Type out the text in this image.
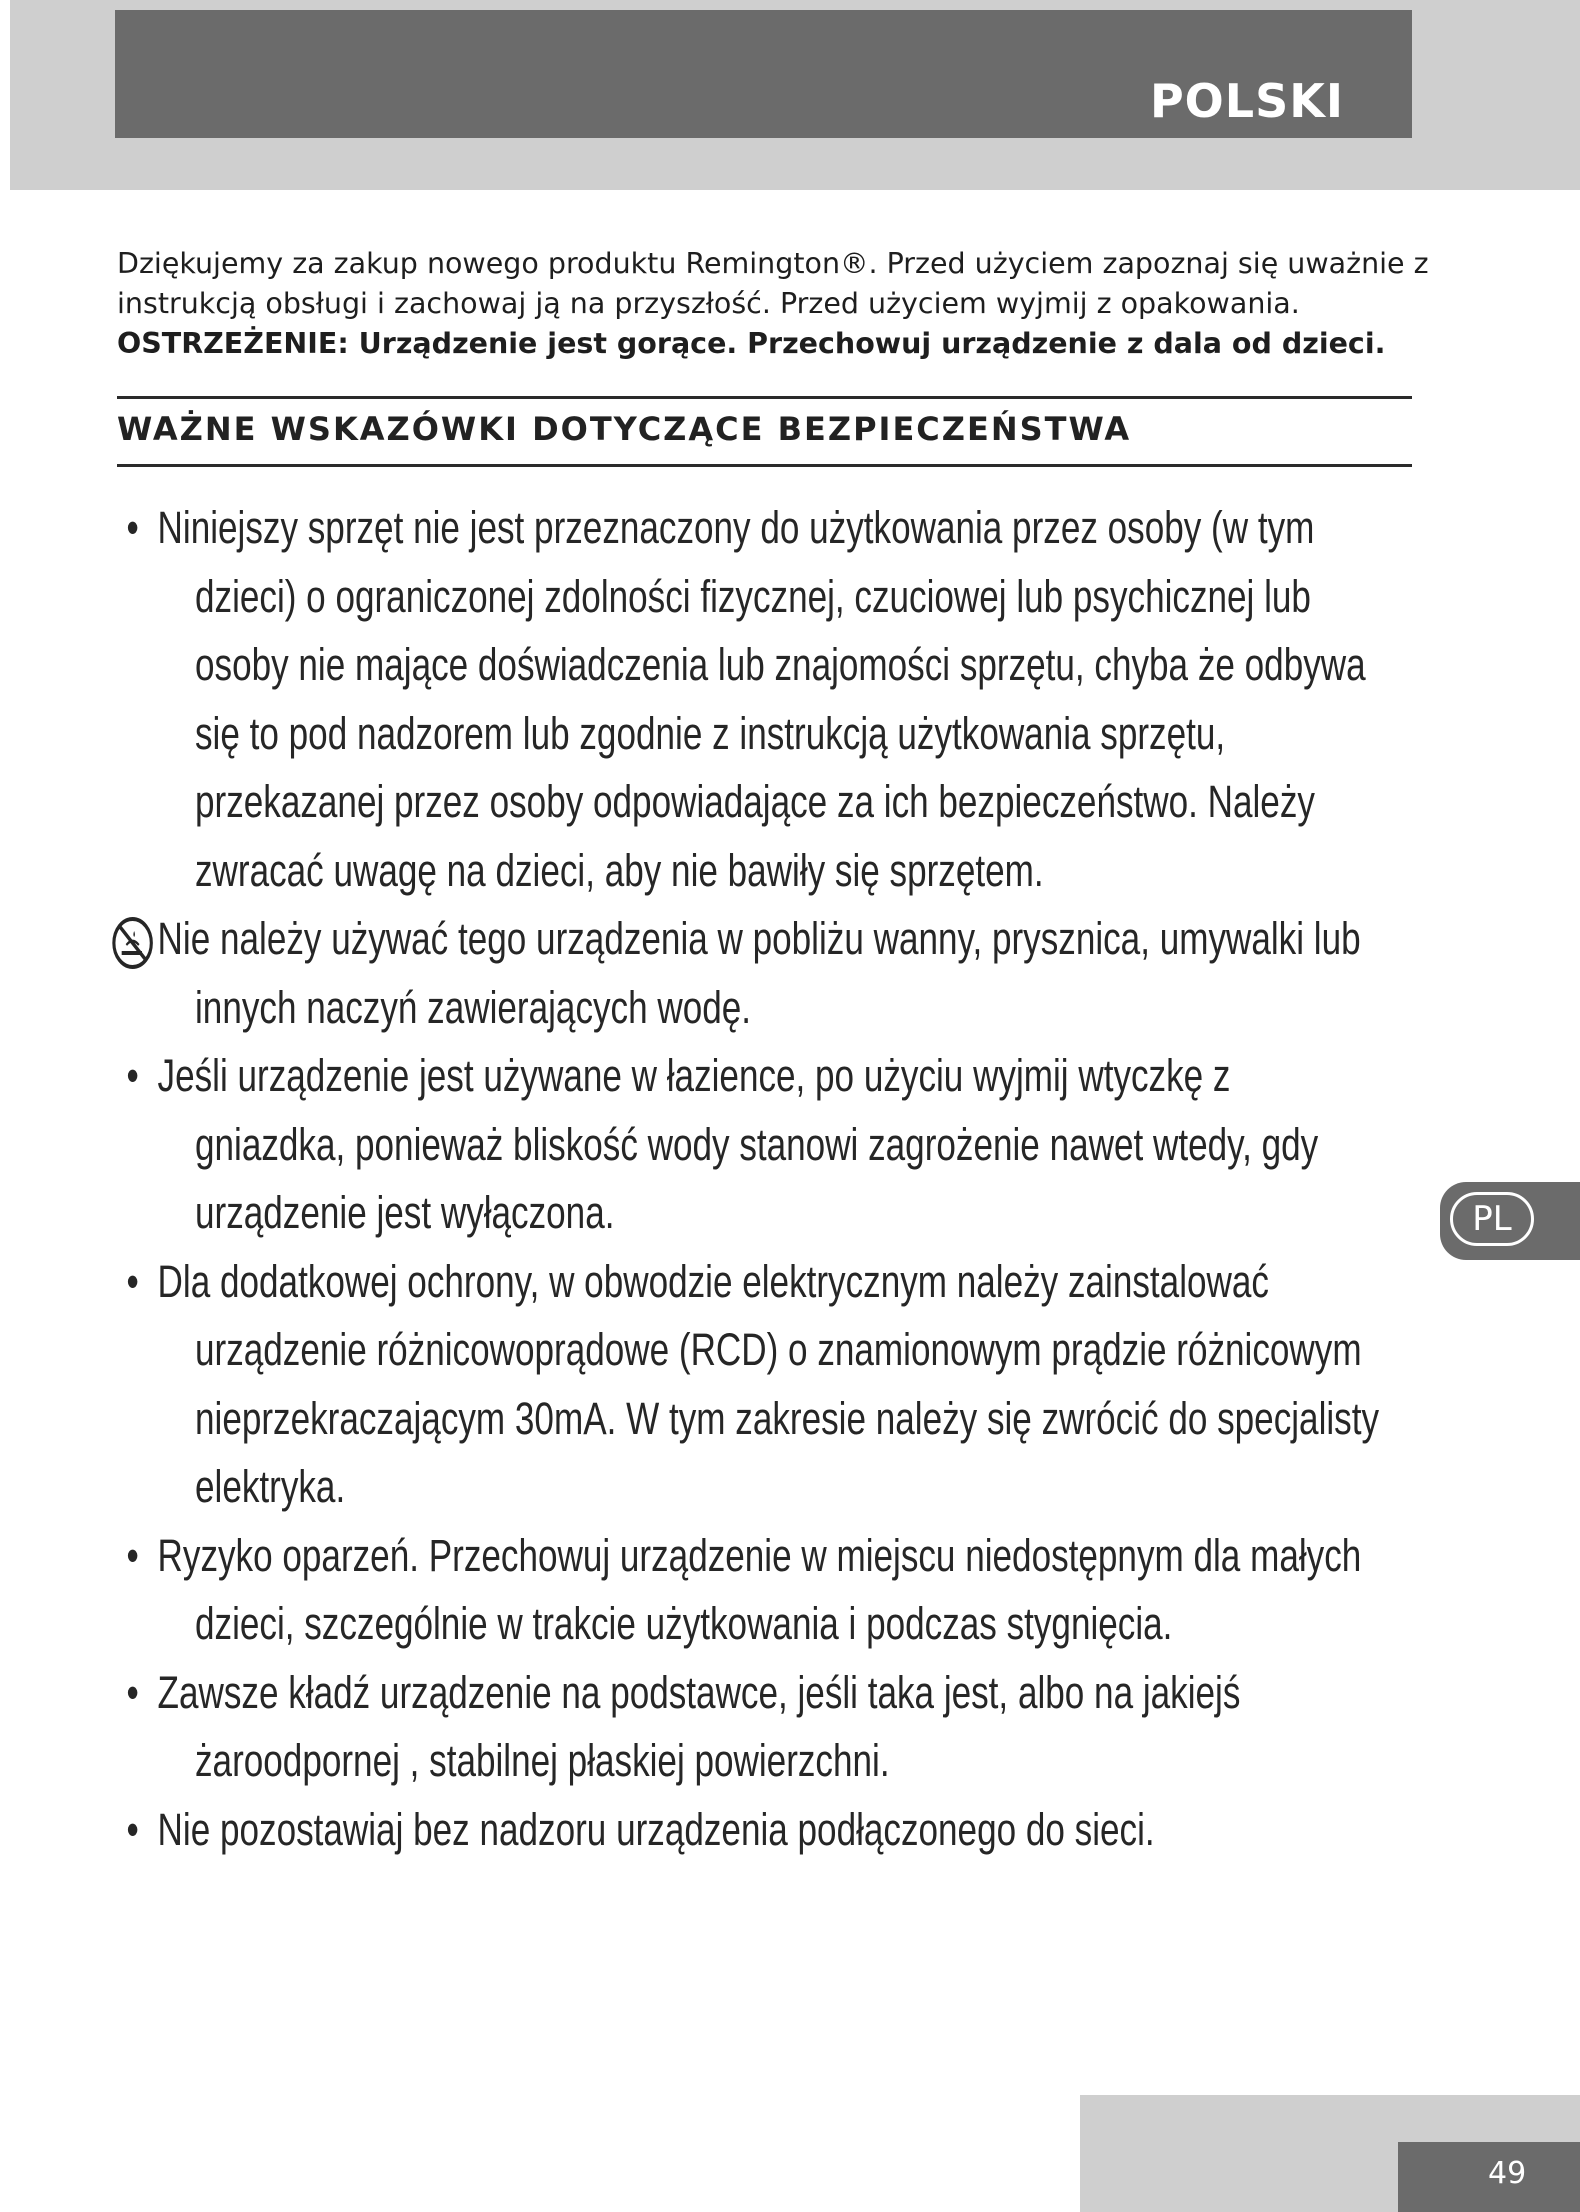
POLSKI
Dziękujemy za zakup nowego produktu Remington®. Przed użyciem zapoznaj się uważnie z
instrukcją obsługi i zachowaj ją na przyszłość. Przed użyciem wyjmij z opakowania.
OSTRZEŻENIE: Urządzenie jest gorące. Przechowuj urządzenie z dala od dzieci.
WAŻNE WSKAZÓWKI DOTYCZĄCE BEZPIECZEŃSTWA
• Niniejszy sprzęt nie jest przeznaczony do użytkowania przez osoby (w tym
dzieci) o ograniczonej zdolności fizycznej, czuciowej lub psychicznej lub
osoby nie mające doświadczenia lub znajomości sprzętu, chyba że odbywa
się to pod nadzorem lub zgodnie z instrukcją użytkowania sprzętu,
przekazanej przez osoby odpowiadające za ich bezpieczeństwo. Należy
zwracać uwagę na dzieci, aby nie bawiły się sprzętem.
Nie należy używać tego urządzenia w pobliżu wanny, prysznica, umywalki lub
innych naczyń zawierających wodę.
• Jeśli urządzenie jest używane w łazience, po użyciu wyjmij wtyczkę z
gniazdka, ponieważ bliskość wody stanowi zagrożenie nawet wtedy, gdy
urządzenie jest wyłączona.
• Dla dodatkowej ochrony, w obwodzie elektrycznym należy zainstalować
urządzenie różnicowoprądowe (RCD) o znamionowym prądzie różnicowym
nieprzekraczającym 30mA. W tym zakresie należy się zwrócić do specjalisty
elektryka.
• Ryzyko oparzeń. Przechowuj urządzenie w miejscu niedostępnym dla małych
dzieci, szczególnie w trakcie użytkowania i podczas stygnięcia.
• Zawsze kładź urządzenie na podstawce, jeśli taka jest, albo na jakiejś
żaroodpornej , stabilnej płaskiej powierzchni.
• Nie pozostawiaj bez nadzoru urządzenia podłączonego do sieci.
PL
49
